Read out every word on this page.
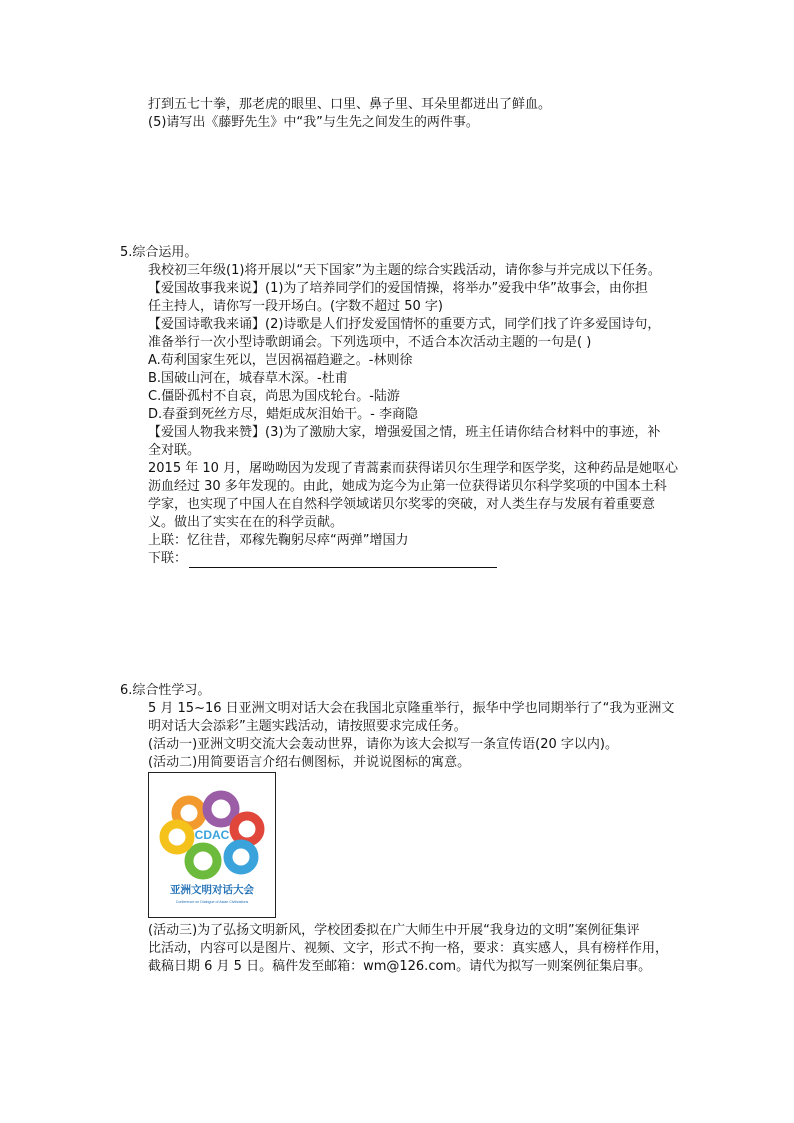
打到五七十拳，那老虎的眼里、口里、鼻子里、耳朵里都迸出了鲜血。
(5)请写出《藤野先生》中“我”与生先之间发生的两件事。
5.综合运用。
我校初三年级(1)将开展以“天下国家”为主题的综合实践活动，请你参与并完成以下任务。
【爱国故事我来说】(1)为了培养同学们的爱国情操，将举办”爱我中华”故事会，由你担
任主持人，请你写一段开场白。(字数不超过 50 字)
【爱国诗歌我来诵】(2)诗歌是人们抒发爱国情怀的重要方式，同学们找了许多爱国诗句，
准备举行一次小型诗歌朗诵会。下列选项中，不适合本次活动主题的一句是( )
A.苟利国家生死以，岂因祸福趋避之。-林则徐
B.国破山河在，城春草木深。-杜甫
C.僵卧孤村不自哀，尚思为国戍轮台。-陆游
D.春蚕到死丝方尽，蜡炬成灰泪始干。- 李商隐
【爱国人物我来赞】(3)为了激励大家，增强爱国之情，班主任请你结合材料中的事迹，补
全对联。
2015 年 10 月，屠呦呦因为发现了青蒿素而获得诺贝尔生理学和医学奖，这种药品是她呕心
沥血经过 30 多年发现的。由此，她成为迄今为止第一位获得诺贝尔科学奖项的中国本土科
学家，也实现了中国人在自然科学领域诺贝尔奖零的突破，对人类生存与发展有着重要意
义。做出了实实在在的科学贡献。
上联：忆往昔，邓稼先鞠躬尽瘁“两弹”增国力
下联：
6.综合性学习。
5 月 15~16 日亚洲文明对话大会在我国北京隆重举行，振华中学也同期举行了“我为亚洲文
明对话大会添彩”主题实践活动，请按照要求完成任务。
(活动一)亚洲文明交流大会轰动世界，请你为该大会拟写一条宣传语(20 字以内)。
(活动二)用简要语言介绍右侧图标，并说说图标的寓意。
CDAC
亚洲文明对话大会
Conference on Dialogue of Asian Civilizations
(活动三)为了弘扬文明新风，学校团委拟在广大师生中开展“我身边的文明”案例征集评
比活动，内容可以是图片、视频、文字，形式不拘一格，要求：真实感人，具有榜样作用，
截稿日期 6 月 5 日。稿件发至邮箱：wm@126.com。请代为拟写一则案例征集启事。
